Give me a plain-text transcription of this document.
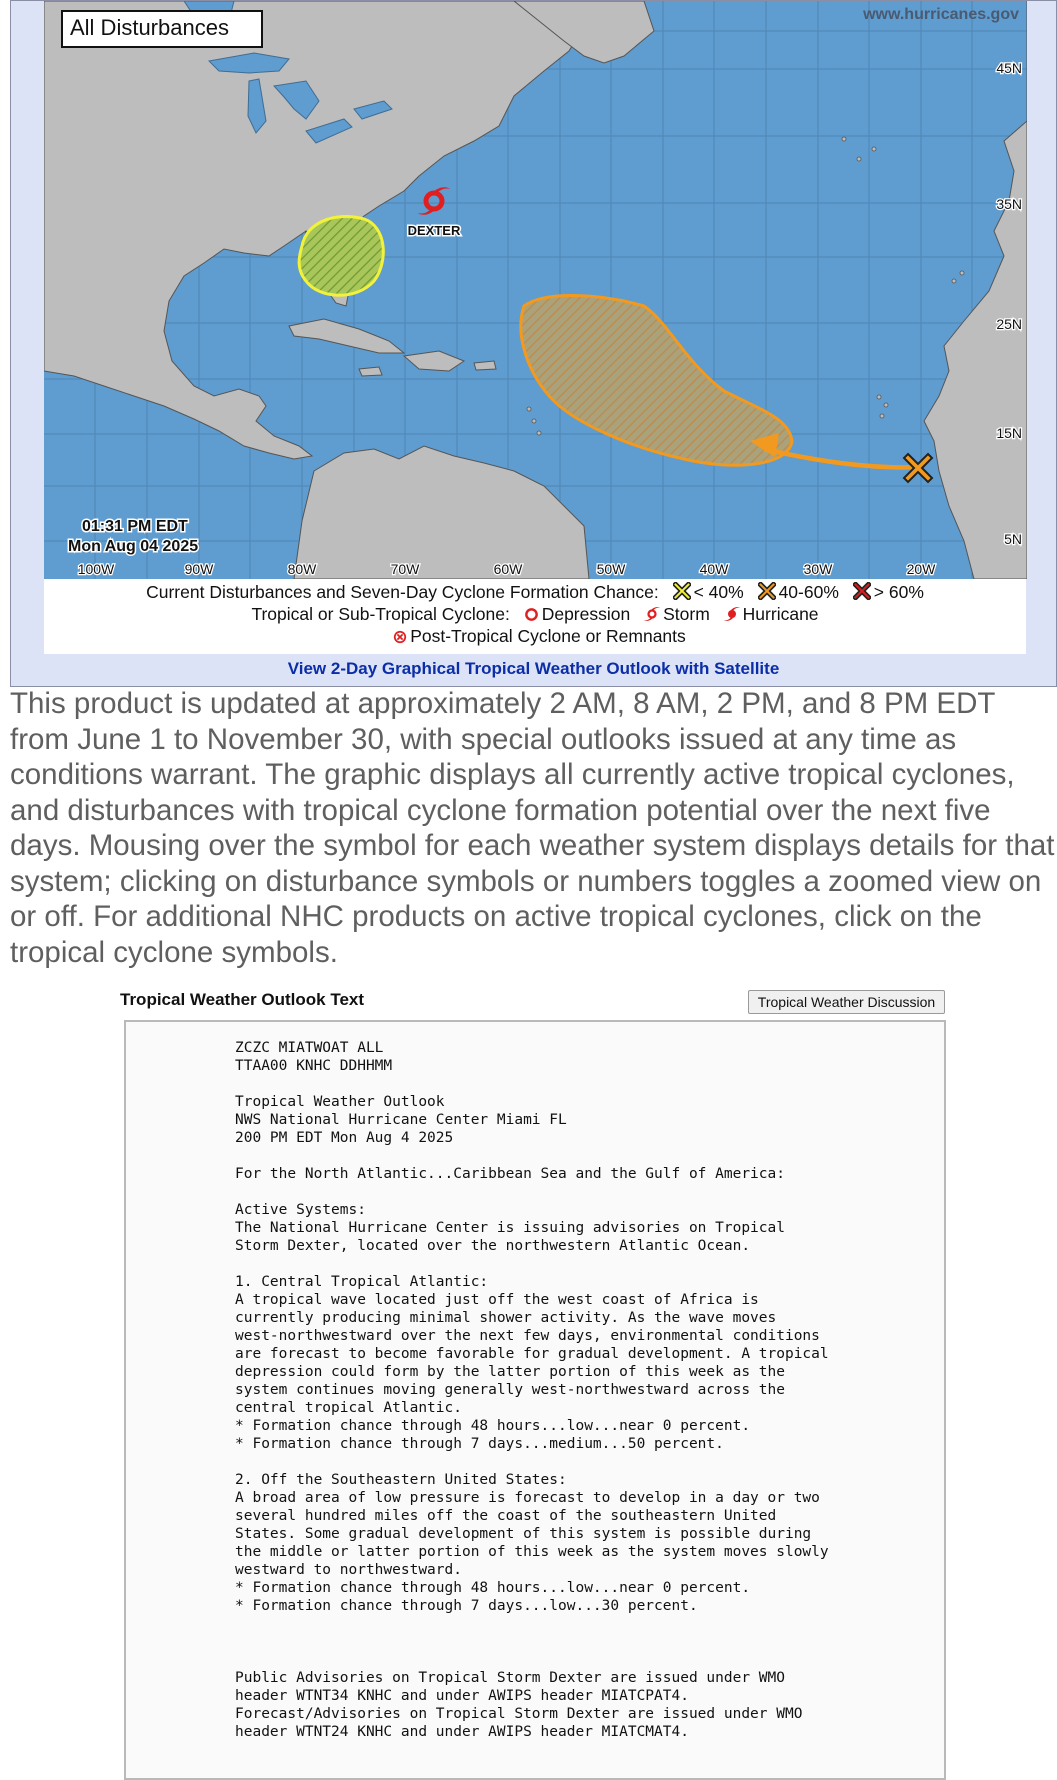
DEXTER
All Disturbances
www.hurricanes.gov
45N
35N
25N
15N
5N
100W	90W	80W	70W	60W	50W	40W	30W	20W
01:31 PM EDT
Mon Aug 04 2025
Current Disturbances and Seven-Day Cyclone Formation Chance: < 40% 40-60% > 60%
Tropical or Sub-Tropical Cyclone: Depression Storm Hurricane
Post-Tropical Cyclone or Remnants
View 2-Day Graphical Tropical Weather Outlook with Satellite

This product is updated at approximately 2 AM, 8 AM, 2 PM, and 8 PM EDT from June 1 to November 30, with special outlooks issued at any time as conditions warrant. The graphic displays all currently active tropical cyclones, and disturbances with tropical cyclone formation potential over the next five days. Mousing over the symbol for each weather system displays details for that system; clicking on disturbance symbols or numbers toggles a zoomed view on or off. For additional NHC products on active tropical cyclones, click on the tropical cyclone symbols.

Tropical Weather Outlook Text	Tropical Weather Discussion
ZCZC MIATWOAT ALL
TTAA00 KNHC DDHHMM

Tropical Weather Outlook
NWS National Hurricane Center Miami FL
200 PM EDT Mon Aug 4 2025

For the North Atlantic...Caribbean Sea and the Gulf of America:

Active Systems:
The National Hurricane Center is issuing advisories on Tropical
Storm Dexter, located over the northwestern Atlantic Ocean.

1. Central Tropical Atlantic:
A tropical wave located just off the west coast of Africa is
currently producing minimal shower activity. As the wave moves
west-northwestward over the next few days, environmental conditions
are forecast to become favorable for gradual development. A tropical
depression could form by the latter portion of this week as the
system continues moving generally west-northwestward across the
central tropical Atlantic.
* Formation chance through 48 hours...low...near 0 percent.
* Formation chance through 7 days...medium...50 percent.

2. Off the Southeastern United States:
A broad area of low pressure is forecast to develop in a day or two
several hundred miles off the coast of the southeastern United
States. Some gradual development of this system is possible during
the middle or latter portion of this week as the system moves slowly
westward to northwestward.
* Formation chance through 48 hours...low...near 0 percent.
* Formation chance through 7 days...low...30 percent.

Public Advisories on Tropical Storm Dexter are issued under WMO
header WTNT34 KNHC and under AWIPS header MIATCPAT4.
Forecast/Advisories on Tropical Storm Dexter are issued under WMO
header WTNT24 KNHC and under AWIPS header MIATCMAT4.
